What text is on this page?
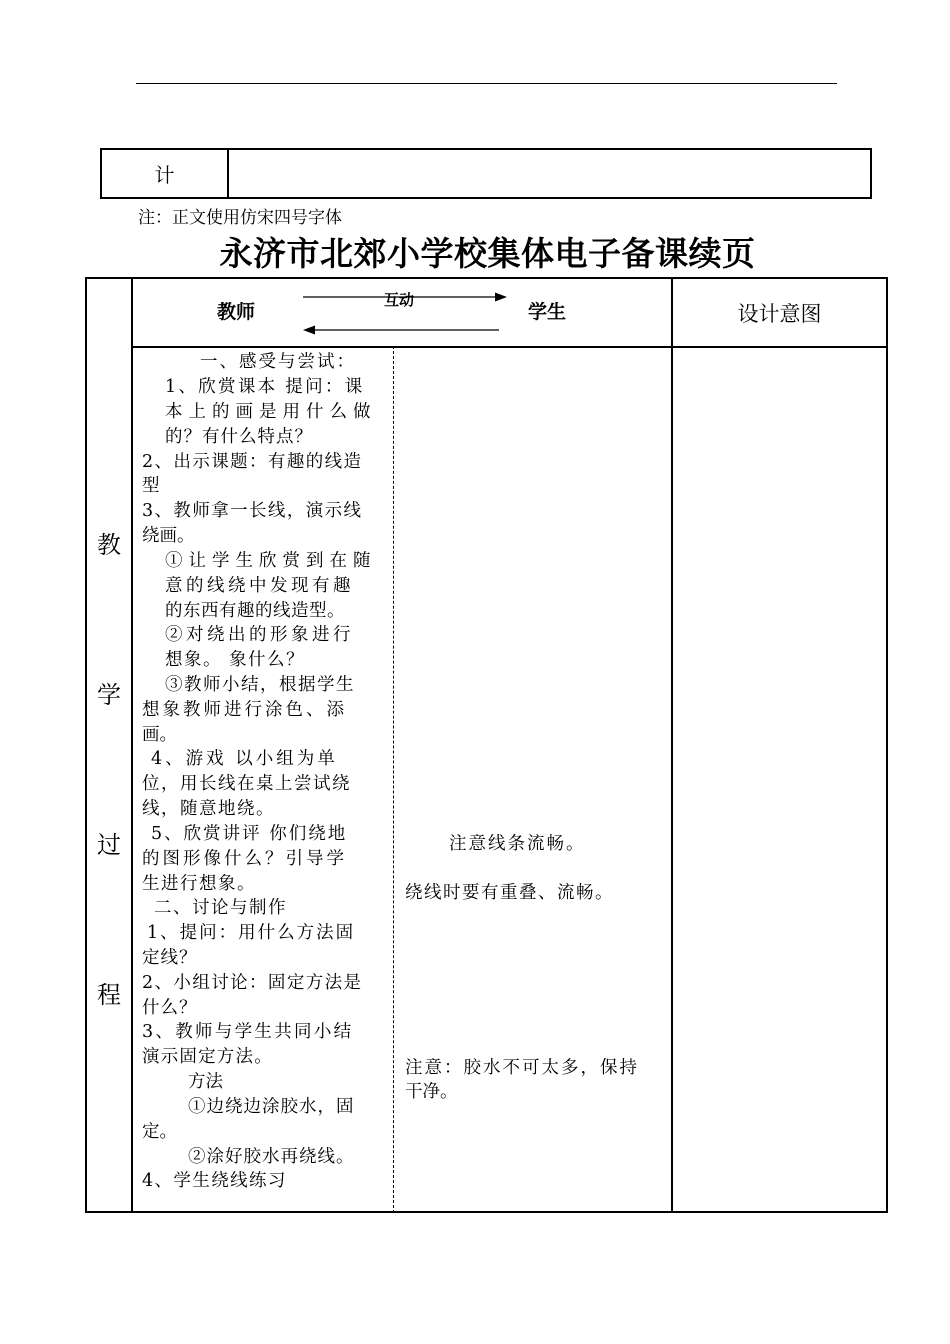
计
注：正文使用仿宋四号字体
永济市北郊小学校集体电子备课续页
教
学
过
程
教师
互动
学生	设计意图
一、感受与尝试：
1、欣赏课本 提问：课
本上的画是用什么做
的？有什么特点？
2、出示课题：有趣的线造
型
3、教师拿一长线，演示线
绕画。
①让学生欣赏到在随
意的线绕中发现有趣
的东西有趣的线造型。
②对绕出的形象进行
想象。 象什么？
③教师小结，根据学生
想象教师进行涂色、添
画。
4、游戏 以小组为单
位，用长线在桌上尝试绕
线，随意地绕。
5、欣赏讲评 你们绕地
的图形像什么？引导学
生进行想象。
二、讨论与制作
1、提问：用什么方法固
定线？
2、小组讨论：固定方法是
什么？
3、教师与学生共同小结
演示固定方法。
方法
①边绕边涂胶水，固
定。
②涂好胶水再绕线。
4、学生绕线练习
注意线条流畅。
绕线时要有重叠、流畅。
注意：胶水不可太多，保持
干净。
